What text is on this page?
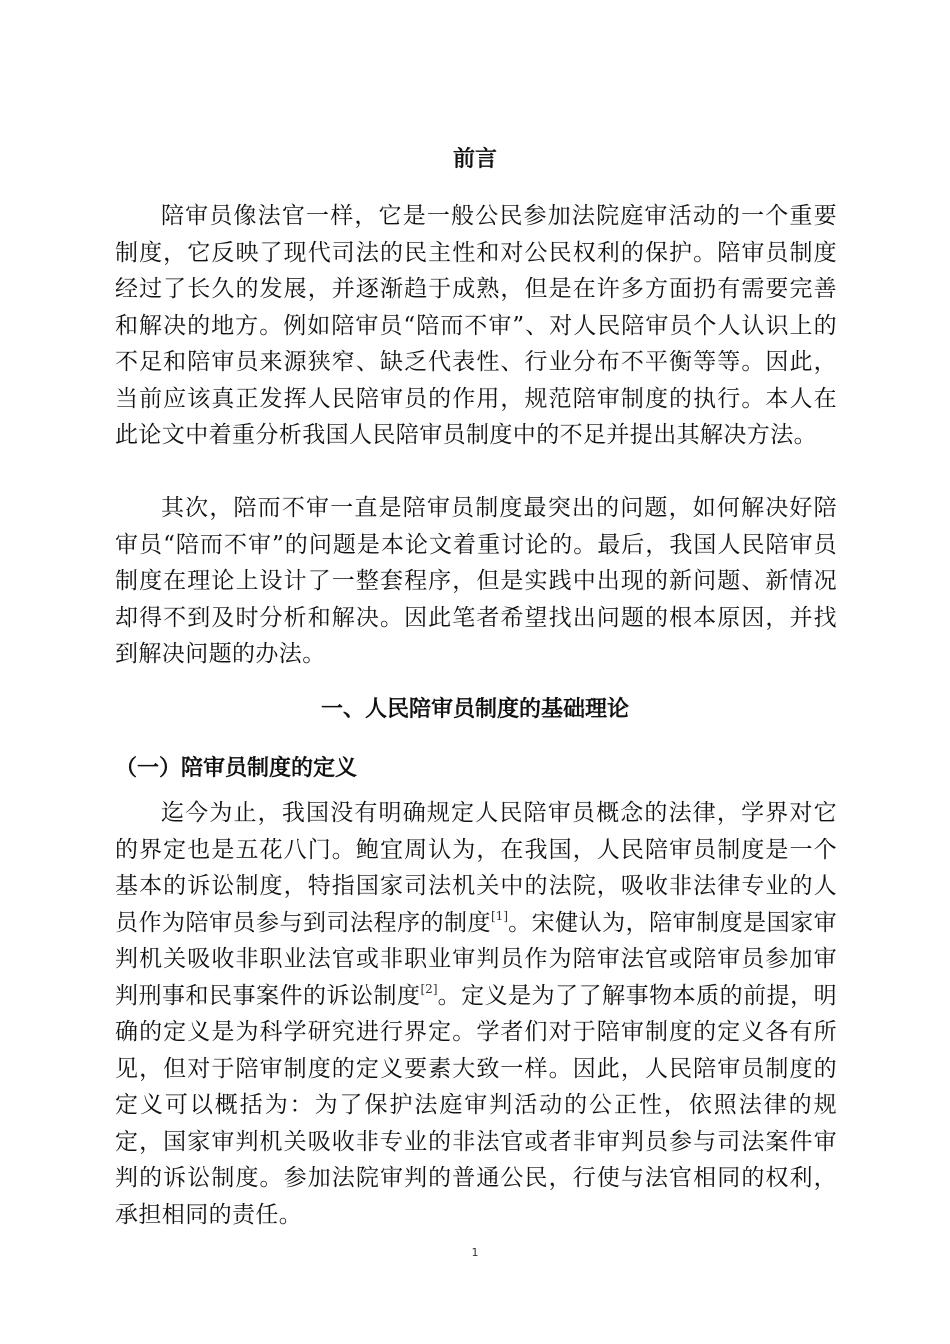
前言

陪审员像法官一样，它是一般公民参加法院庭审活动的一个重要制度，它反映了现代司法的民主性和对公民权利的保护。陪审员制度经过了长久的发展，并逐渐趋于成熟，但是在许多方面扔有需要完善和解决的地方。例如陪审员“陪而不审”、对人民陪审员个人认识上的不足和陪审员来源狭窄、缺乏代表性、行业分布不平衡等等。因此，当前应该真正发挥人民陪审员的作用，规范陪审制度的执行。本人在此论文中着重分析我国人民陪审员制度中的不足并提出其解决方法。

其次，陪而不审一直是陪审员制度最突出的问题，如何解决好陪审员“陪而不审”的问题是本论文着重讨论的。最后，我国人民陪审员制度在理论上设计了一整套程序，但是实践中出现的新问题、新情况却得不到及时分析和解决。因此笔者希望找出问题的根本原因，并找到解决问题的办法。

一、人民陪审员制度的基础理论
（一）陪审员制度的定义

迄今为止，我国没有明确规定人民陪审员概念的法律，学界对它的界定也是五花八门。鲍宜周认为，在我国，人民陪审员制度是一个基本的诉讼制度，特指国家司法机关中的法院，吸收非法律专业的人员作为陪审员参与到司法程序的制度[1]。宋健认为，陪审制度是国家审判机关吸收非职业法官或非职业审判员作为陪审法官或陪审员参加审判刑事和民事案件的诉讼制度[2]。定义是为了了解事物本质的前提，明确的定义是为科学研究进行界定。学者们对于陪审制度的定义各有所见，但对于陪审制度的定义要素大致一样。因此，人民陪审员制度的定义可以概括为：为了保护法庭审判活动的公正性，依照法律的规定，国家审判机关吸收非专业的非法官或者非审判员参与司法案件审判的诉讼制度。参加法院审判的普通公民，行使与法官相同的权利，承担相同的责任。

1
